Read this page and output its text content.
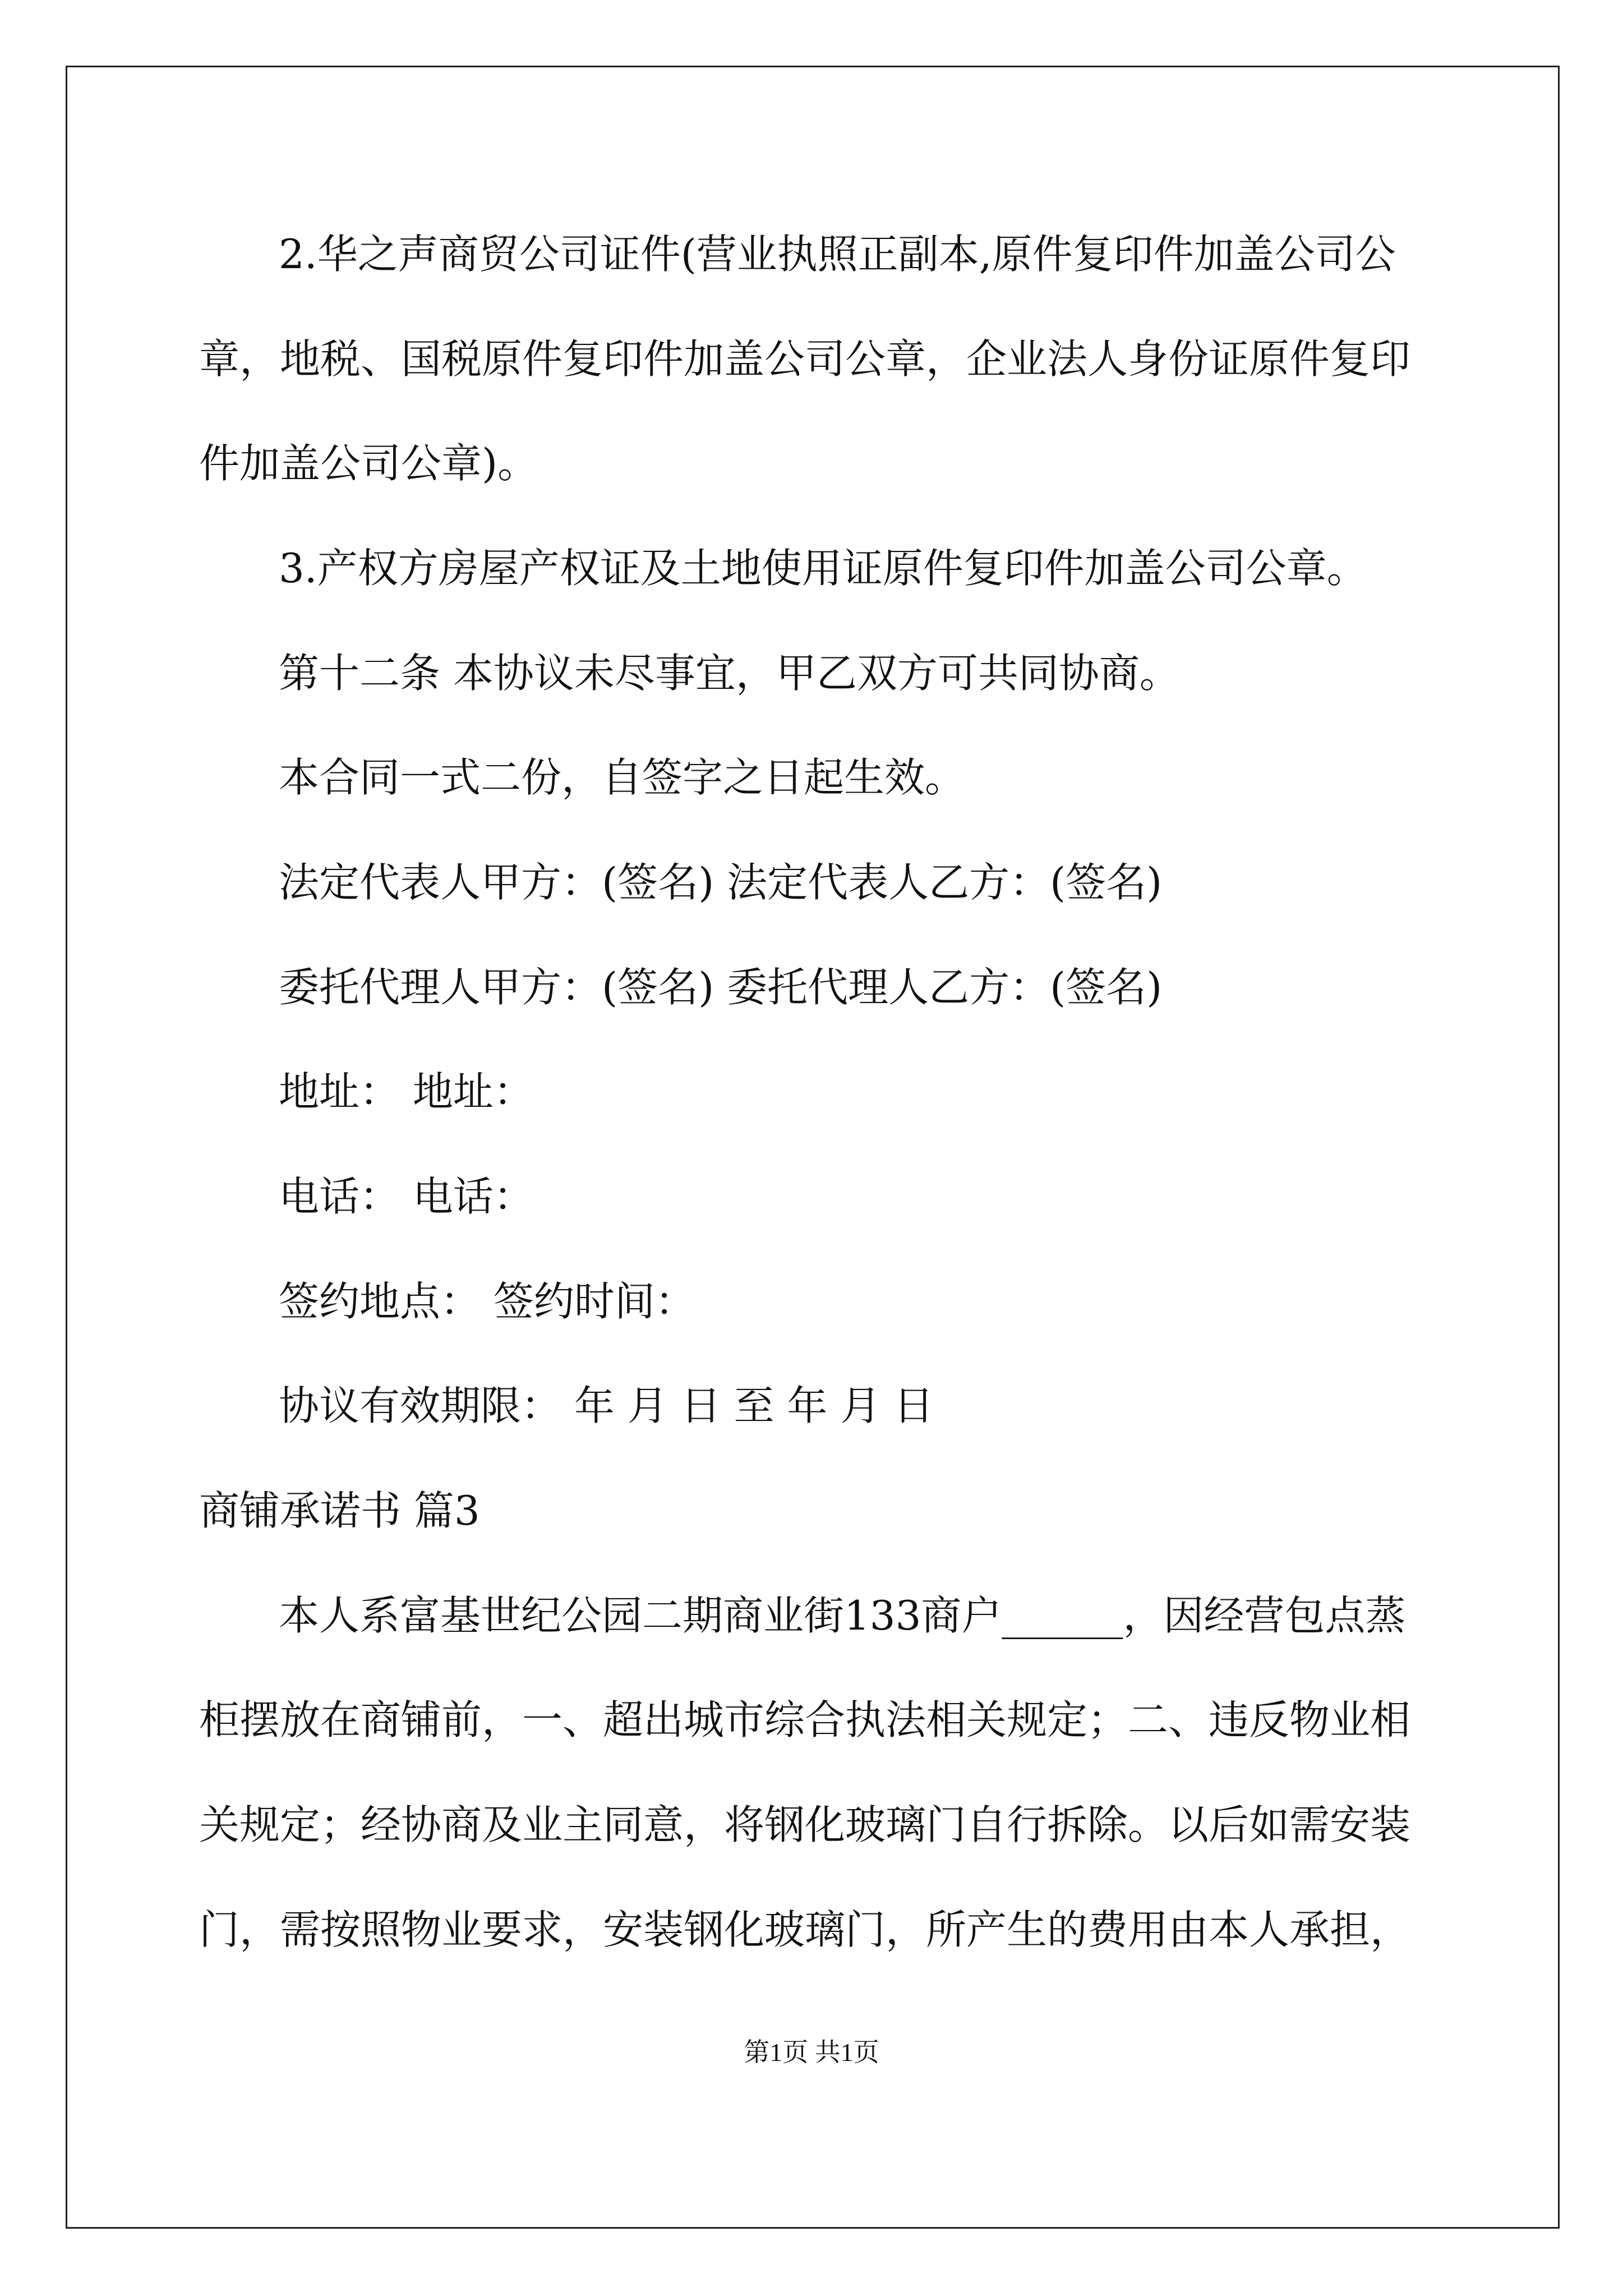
2.华之声商贸公司证件(营业执照正副本,原件复印件加盖公司公
章，地税、国税原件复印件加盖公司公章，企业法人身份证原件复印
件加盖公司公章)。
3.产权方房屋产权证及土地使用证原件复印件加盖公司公章。
第十二条 本协议未尽事宜，甲乙双方可共同协商。
本合同一式二份，自签字之日起生效。
法定代表人甲方：(签名) 法定代表人乙方：(签名)
委托代理人甲方：(签名) 委托代理人乙方：(签名)
地址： 地址：
电话： 电话：
签约地点： 签约时间：
协议有效期限： 年 月 日 至 年 月 日
商铺承诺书 篇3
本人系富基世纪公园二期商业街133商户______，因经营包点蒸
柜摆放在商铺前，一、超出城市综合执法相关规定；二、违反物业相
关规定；经协商及业主同意，将钢化玻璃门自行拆除。以后如需安装
门，需按照物业要求，安装钢化玻璃门，所产生的费用由本人承担，
第1页 共1页
